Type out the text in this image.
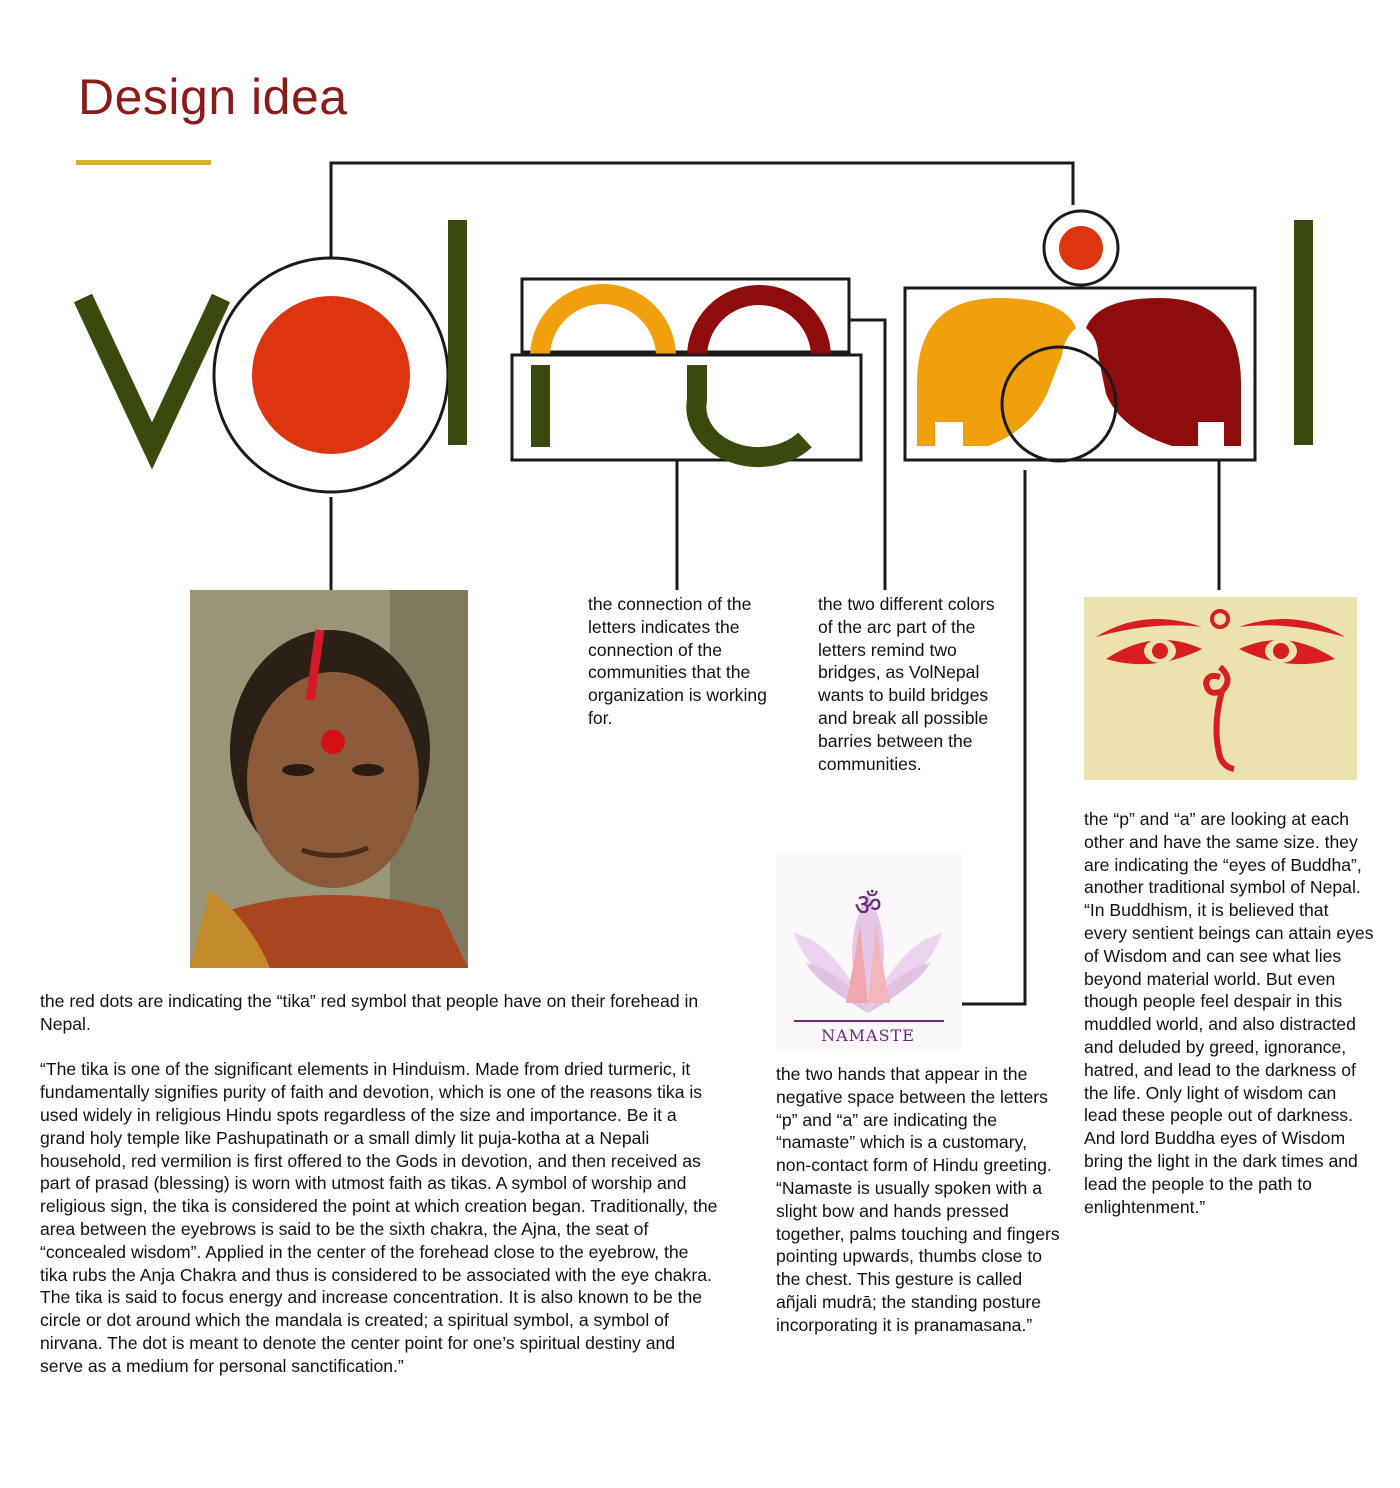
Design idea
ॐ
NAMASTE
the red dots are indicating the “tika” red symbol that people have on their forehead in Nepal.

“The tika is one of the significant elements in Hinduism. Made from dried turmeric, it fundamentally signifies purity of faith and devotion, which is one of the reasons tika is used widely in religious Hindu spots regardless of the size and importance. Be it a grand holy temple like Pashupatinath or a small dimly lit puja-kotha at a Nepali household, red vermilion is first offered to the Gods in devotion, and then received as part of prasad (blessing) is worn with utmost faith as tikas. A symbol of worship and religious sign, the tika is considered the point at which creation began. Traditionally, the area between the eyebrows is said to be the sixth chakra, the Ajna, the seat of “concealed wisdom”. Applied in the center of the forehead close to the eyebrow, the tika rubs the Anja Chakra and thus is considered to be associated with the eye chakra. The tika is said to focus energy and increase concentration. It is also known to be the circle or dot around which the mandala is created; a spiritual symbol, a symbol of nirvana. The dot is meant to denote the center point for one’s spiritual destiny and serve as a medium for personal sanctification.”
the connection of the letters indicates the connection of the communities that the organization is working for.
the two different colors of the arc part of the letters remind two bridges, as VolNepal wants to build bridges and break all possible barries between the communities.
the two hands that appear in the negative space between the letters “p” and “a” are indicating the “namaste” which is a customary, non-contact form of Hindu greeting.
“Namaste is usually spoken with a slight bow and hands pressed together, palms touching and fingers pointing upwards, thumbs close to the chest. This gesture is called añjali mudrā; the standing posture incorporating it is pranamasana.”
the “p” and “a” are looking at each other and have the same size. they are indicating the “eyes of Buddha”, another traditional symbol of Nepal.
“In Buddhism, it is believed that every sentient beings can attain eyes of Wisdom and can see what lies beyond material world. But even though people feel despair in this muddled world, and also distracted and deluded by greed, ignorance, hatred, and lead to the darkness of the life. Only light of wisdom can lead these people out of darkness. And lord Buddha eyes of Wisdom bring the light in the dark times and lead the people to the path to enlightenment.”
